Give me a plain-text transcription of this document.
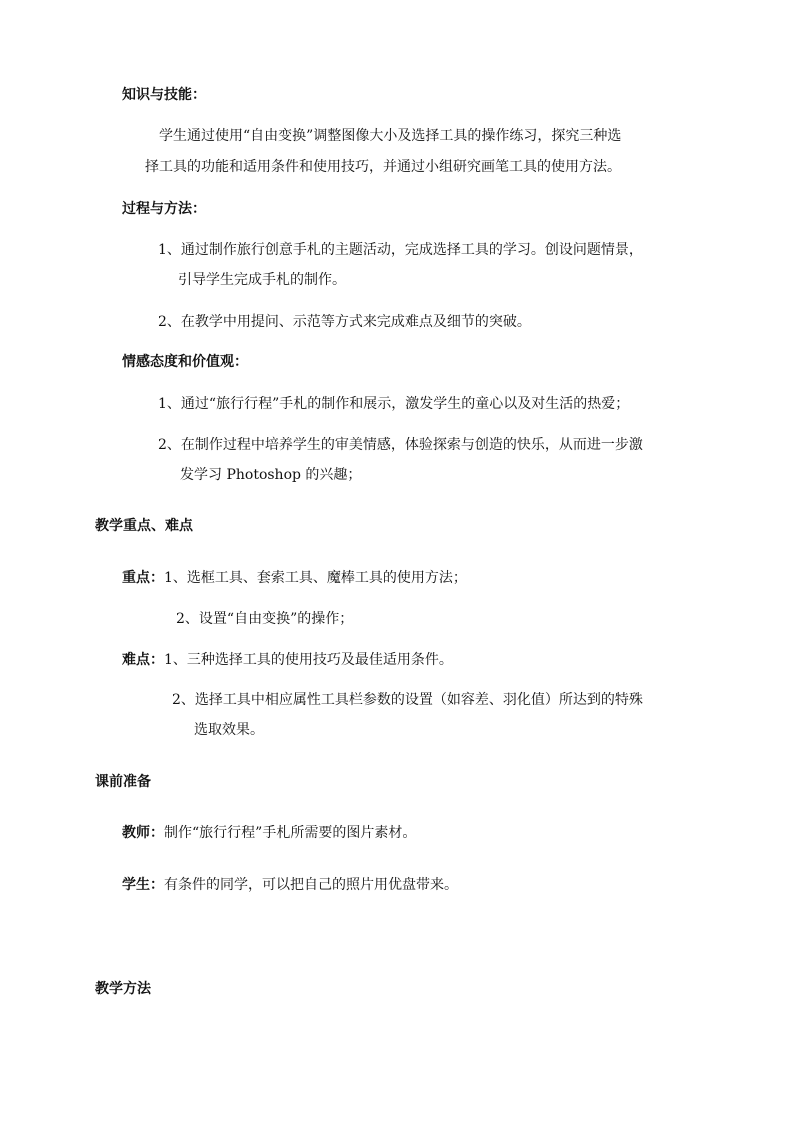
知识与技能：
学生通过使用“自由变换”调整图像大小及选择工具的操作练习，探究三种选
择工具的功能和适用条件和使用技巧，并通过小组研究画笔工具的使用方法。
过程与方法：
1、通过制作旅行创意手札的主题活动，完成选择工具的学习。创设问题情景，
引导学生完成手札的制作。
2、在教学中用提问、示范等方式来完成难点及细节的突破。
情感态度和价值观：
1、通过“旅行行程”手札的制作和展示，激发学生的童心以及对生活的热爱；
2、在制作过程中培养学生的审美情感，体验探索与创造的快乐，从而进一步激
发学习 Photoshop 的兴趣；
教学重点、难点
重点：1、选框工具、套索工具、魔棒工具的使用方法；
2、设置“自由变换”的操作；
难点：1、三种选择工具的使用技巧及最佳适用条件。
2、选择工具中相应属性工具栏参数的设置（如容差、羽化值）所达到的特殊
选取效果。
课前准备
教师：制作“旅行行程”手札所需要的图片素材。
学生：有条件的同学，可以把自己的照片用优盘带来。
教学方法
